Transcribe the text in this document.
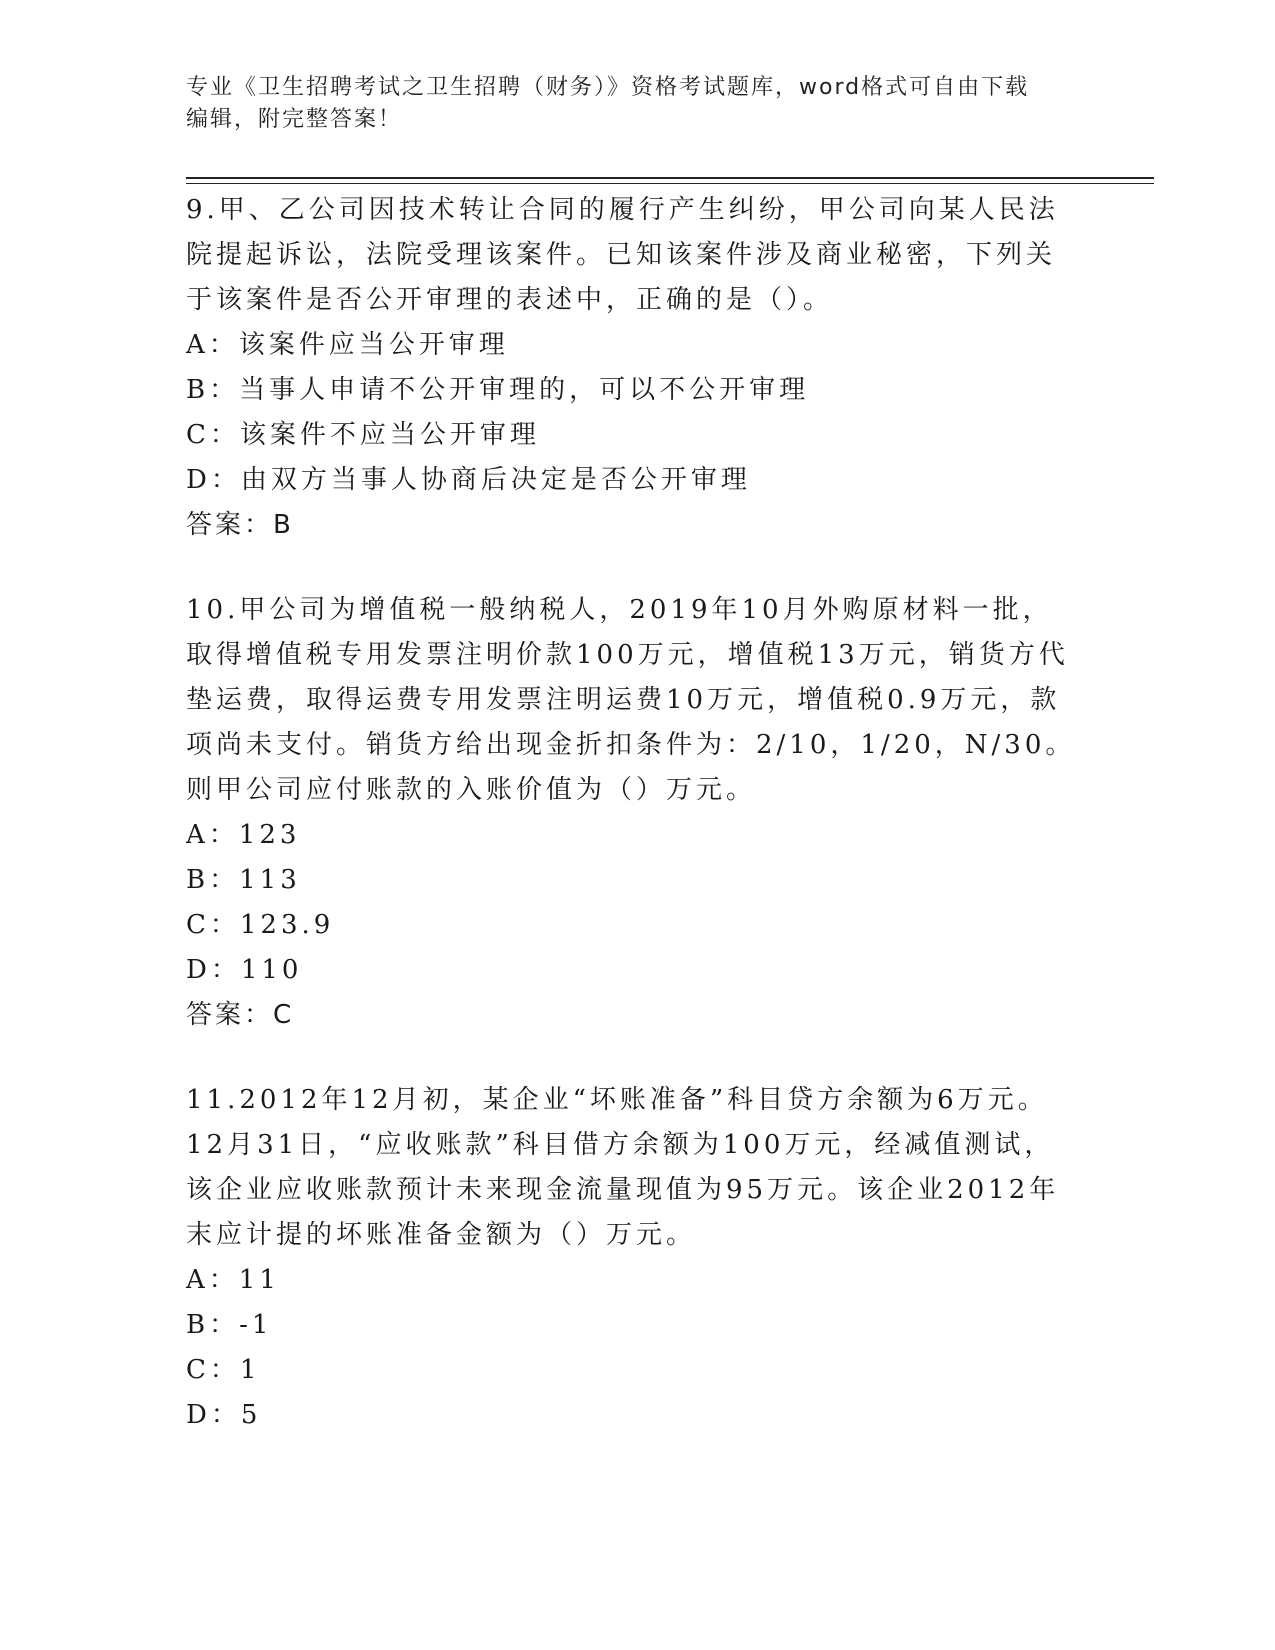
专业《卫生招聘考试之卫生招聘（财务）》资格考试题库，word格式可自由下载
编辑，附完整答案！

9.甲、乙公司因技术转让合同的履行产生纠纷，甲公司向某人民法院提起诉讼，法院受理该案件。已知该案件涉及商业秘密，下列关于该案件是否公开审理的表述中，正确的是（）。

A：该案件应当公开审理

B：当事人申请不公开审理的，可以不公开审理

C：该案件不应当公开审理

D：由双方当事人协商后决定是否公开审理

答案：B

10.甲公司为增值税一般纳税人，2019年10月外购原材料一批，取得增值税专用发票注明价款100万元，增值税13万元，销货方代垫运费，取得运费专用发票注明运费10万元，增值税0.9万元，款项尚未支付。销货方给出现金折扣条件为：2/10，1/20，N/30。则甲公司应付账款的入账价值为（）万元。

A：123

B：113

C：123.9

D：110

答案：C

11.2012年12月初，某企业“坏账准备”科目贷方余额为6万元。12月31日，“应收账款”科目借方余额为100万元，经减值测试，该企业应收账款预计未来现金流量现值为95万元。该企业2012年末应计提的坏账准备金额为（）万元。

A：11

B：-1

C：1

D：5
